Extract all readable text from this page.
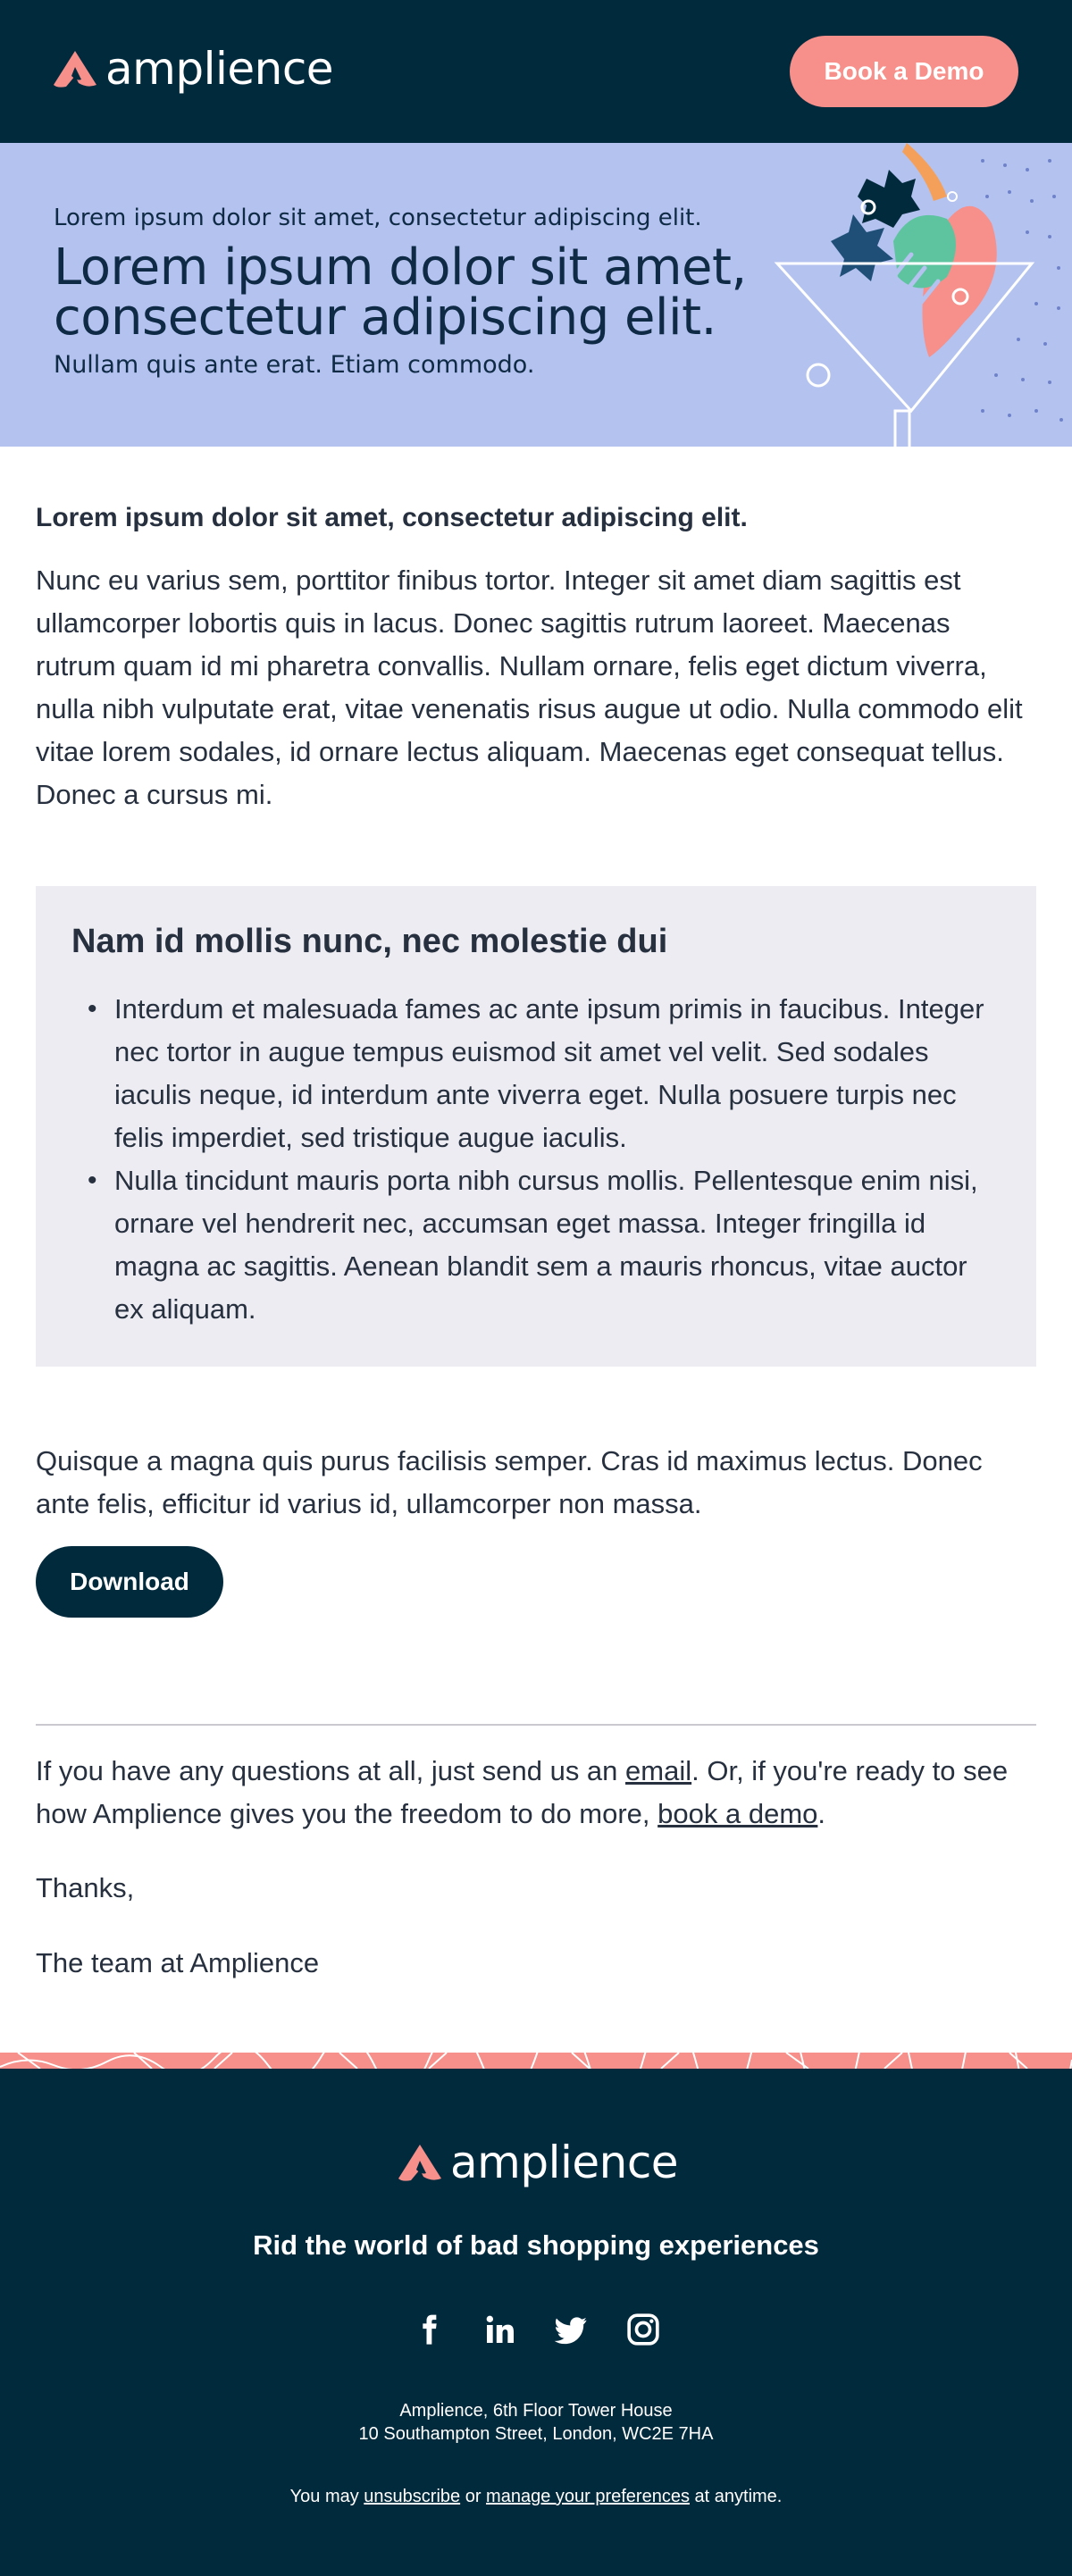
amplience	Book a Demo
Lorem ipsum dolor sit amet, consectetur adipiscing elit.
Lorem ipsum dolor sit amet,
consectetur adipiscing elit.
Nullam quis ante erat. Etiam commodo.
Lorem ipsum dolor sit amet, consectetur adipiscing elit.

Nunc eu varius sem, porttitor finibus tortor. Integer sit amet diam sagittis est ullamcorper lobortis quis in lacus. Donec sagittis rutrum laoreet. Maecenas rutrum quam id mi pharetra convallis. Nullam ornare, felis eget dictum viverra, nulla nibh vulputate erat, vitae venenatis risus augue ut odio. Nulla commodo elit vitae lorem sodales, id ornare lectus aliquam. Maecenas eget consequat tellus. Donec a cursus mi.

Nam id mollis nunc, nec molestie dui
• Interdum et malesuada fames ac ante ipsum primis in faucibus. Integer nec tortor in augue tempus euismod sit amet vel velit. Sed sodales iaculis neque, id interdum ante viverra eget. Nulla posuere turpis nec felis imperdiet, sed tristique augue iaculis.
• Nulla tincidunt mauris porta nibh cursus mollis. Pellentesque enim nisi, ornare vel hendrerit nec, accumsan eget massa. Integer fringilla id magna ac sagittis. Aenean blandit sem a mauris rhoncus, vitae auctor ex aliquam.

Quisque a magna quis purus facilisis semper. Cras id maximus lectus. Donec ante felis, efficitur id varius id, ullamcorper non massa.

Download

If you have any questions at all, just send us an email. Or, if you're ready to see how Amplience gives you the freedom to do more, book a demo.

Thanks,
The team at Amplience
amplience
Rid the world of bad shopping experiences
Amplience, 6th Floor Tower House
10 Southampton Street, London, WC2E 7HA
You may unsubscribe or manage your preferences at anytime.
